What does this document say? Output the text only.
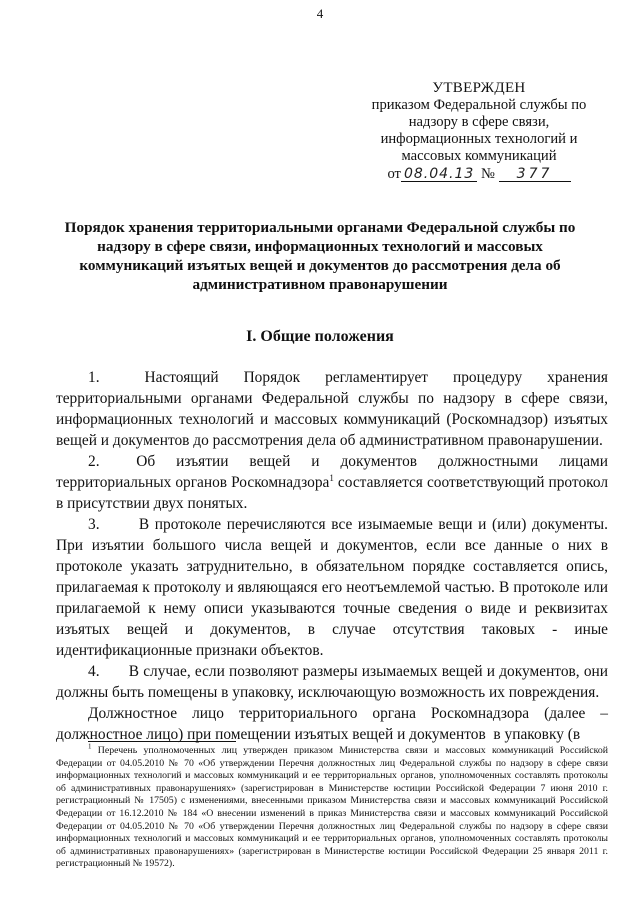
4
УТВЕРЖДЕН
приказом Федеральной службы по
надзору в сфере связи,
информационных технологий и
массовых коммуникаций
от 08.04.13 № 377
Порядок хранения территориальными органами Федеральной службы по надзору в сфере связи, информационных технологий и массовых коммуникаций изъятых вещей и документов до рассмотрения дела об административном правонарушении
I. Общие положения

1.         Настоящий     Порядок     регламентирует     процедуру     хранения территориальными органами Федеральной службы по надзору в сфере связи, информационных технологий и массовых коммуникаций (Роскомнадзор) изъятых вещей и документов до рассмотрения дела об административном правонарушении.

2.       Об    изъятии    вещей    и    документов    должностными    лицами территориальных органов Роскомнадзора$^1$ составляется соответствующий протокол в присутствии двух понятых.

3.       В протоколе перечисляются все изымаемые вещи и (или) документы. При изъятии большого числа вещей и документов, если все данные о них в протоколе указать затруднительно, в обязательном порядке составляется опись, прилагаемая к протоколу и являющаяся его неотъемлемой частью. В протоколе или прилагаемой к нему описи указываются точные сведения о виде и реквизитах изъятых    вещей    и    документов,    в    случае    отсутствия    таковых    -    иные идентификационные признаки объектов.

4.       В случае, если позволяют размеры изымаемых вещей и документов, они должны быть помещены в упаковку, исключающую возможность их повреждения.

Должностное лицо территориального органа Роскомнадзора (далее – должностное лицо) при помещении изъятых вещей и документов  в упаковку (в

$^1$ Перечень уполномоченных лиц утвержден приказом Министерства связи и массовых коммуникаций Российской Федерации от 04.05.2010 № 70 «Об утверждении Перечня должностных лиц Федеральной службы по надзору в сфере связи информационных технологий и массовых коммуникаций и ее территориальных органов, уполномоченных составлять протоколы об административных правонарушениях» (зарегистрирован в Министерстве юстиции Российской Федерации 7 июня 2010 г. регистрационный № 17505) с изменениями, внесенными приказом Министерства связи и массовых коммуникаций Российской Федерации от 16.12.2010 № 184 «О внесении изменений в приказ Министерства связи и массовых коммуникаций Российской Федерации от 04.05.2010 № 70 «Об утверждении Перечня должностных лиц Федеральной службы по надзору в сфере связи информационных технологий и массовых коммуникаций и ее территориальных органов, уполномоченных составлять протоколы об административных правонарушениях» (зарегистрирован в Министерстве юстиции Российской Федерации 25 января 2011 г. регистрационный № 19572).
